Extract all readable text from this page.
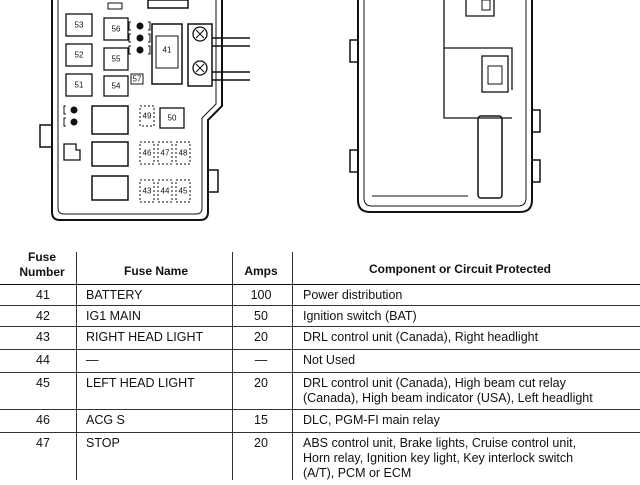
53	56
52	55
51	54
57
41
49 50
46 47 48
43 44 45
Fuse
Number	Fuse Name	Amps	Component or Circuit Protected
41	BATTERY	100	Power distribution
42	IG1 MAIN	50	Ignition switch (BAT)
43	RIGHT HEAD LIGHT	20	DRL control unit (Canada), Right headlight
44	—	—	Not Used
45	LEFT HEAD LIGHT	20	DRL control unit (Canada), High beam cut relay
(Canada), High beam indicator (USA), Left headlight
46	ACG S	15	DLC, PGM-FI main relay
47	STOP	20	ABS control unit, Brake lights, Cruise control unit,
Horn relay, Ignition key light, Key interlock switch
(A/T), PCM or ECM
